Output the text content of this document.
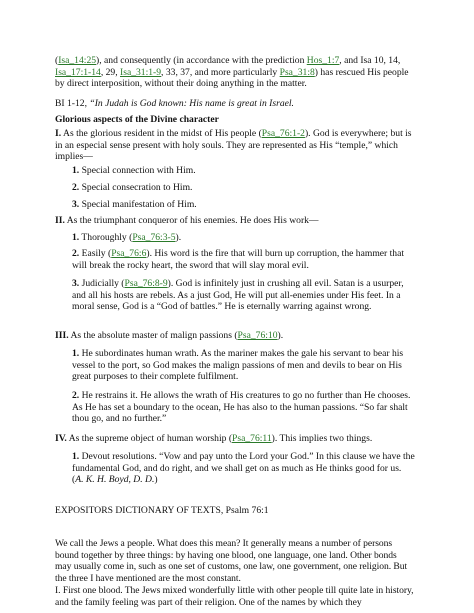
(Isa_14:25), and consequently (in accordance with the prediction Hos_1:7, and Isa 10, 14, Isa_17:1-14, 29, Isa_31:1-9, 33, 37, and more particularly Psa_31:8) has rescued His people by direct interposition, without their doing anything in the matter.

BI 1-12, “In Judah is God known: His name is great in Israel.

Glorious aspects of the Divine character

I. As the glorious resident in the midst of His people (Psa_76:1-2). God is everywhere; but is in an especial sense present with holy souls. They are represented as His “temple,” which implies—

1. Special connection with Him.

2. Special consecration to Him.

3. Special manifestation of Him.

II. As the triumphant conqueror of his enemies. He does His work—

1. Thoroughly (Psa_76:3-5).

2. Easily (Psa_76:6). His word is the fire that will burn up corruption, the hammer that will break the rocky heart, the sword that will slay moral evil.

3. Judicially (Psa_76:8-9). God is infinitely just in crushing all evil. Satan is a usurper, and all his hosts are rebels. As a just God, He will put all-enemies under His feet. In a moral sense, God is a “God of battles.” He is eternally warring against wrong.

III. As the absolute master of malign passions (Psa_76:10).

1. He subordinates human wrath. As the mariner makes the gale his servant to bear his vessel to the port, so God makes the malign passions of men and devils to bear on His great purposes to their complete fulfilment.

2. He restrains it. He allows the wrath of His creatures to go no further than He chooses. As He has set a boundary to the ocean, He has also to the human passions. “So far shalt thou go, and no further.”

IV. As the supreme object of human worship (Psa_76:11). This implies two things.

1. Devout resolutions. “Vow and pay unto the Lord your God.” In this clause we have the fundamental God, and do right, and we shall get on as much as He thinks good for us. (A. K. H. Boyd, D. D.)

EXPOSITORS DICTIONARY OF TEXTS, Psalm 76:1

We call the Jews a people. What does this mean? It generally means a number of persons bound together by three things: by having one blood, one language, one land. Other bonds may usually come in, such as one set of customs, one law, one government, one religion. But the three I have mentioned are the most constant.

I. First one blood. The Jews mixed wonderfully little with other people till quite late in history, and the family feeling was part of their religion. One of the names by which they
